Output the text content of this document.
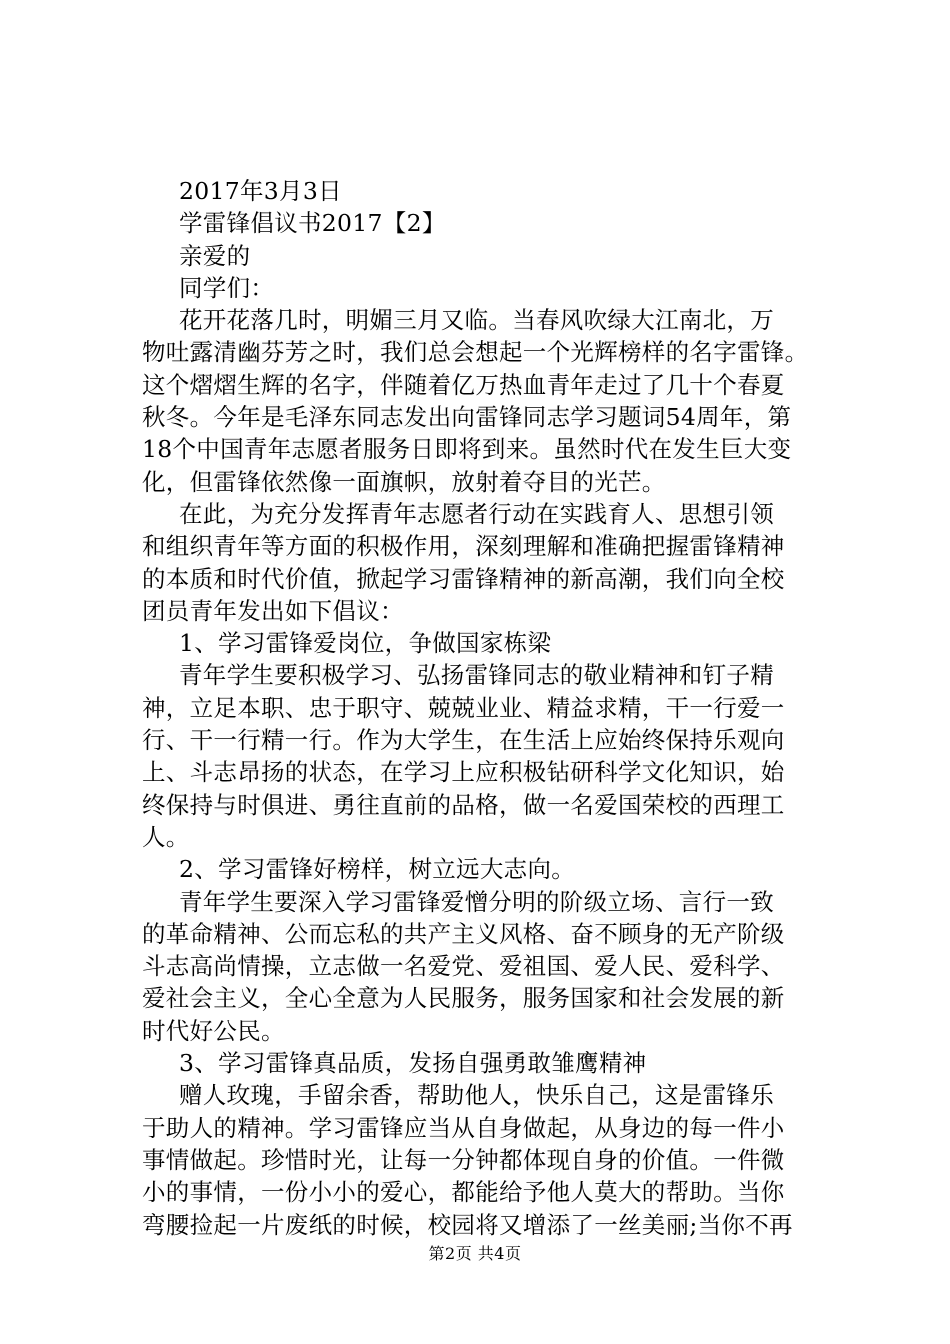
2017年3月3日
学雷锋倡议书2017【2】
亲爱的
同学们：
花开花落几时，明媚三月又临。当春风吹绿大江南北，万
物吐露清幽芬芳之时，我们总会想起一个光辉榜样的名字雷锋。
这个熠熠生辉的名字，伴随着亿万热血青年走过了几十个春夏
秋冬。今年是毛泽东同志发出向雷锋同志学习题词54周年，第
18个中国青年志愿者服务日即将到来。虽然时代在发生巨大变
化，但雷锋依然像一面旗帜，放射着夺目的光芒。
在此，为充分发挥青年志愿者行动在实践育人、思想引领
和组织青年等方面的积极作用，深刻理解和准确把握雷锋精神
的本质和时代价值，掀起学习雷锋精神的新高潮，我们向全校
团员青年发出如下倡议：
1、学习雷锋爱岗位，争做国家栋梁
青年学生要积极学习、弘扬雷锋同志的敬业精神和钉子精
神，立足本职、忠于职守、兢兢业业、精益求精，干一行爱一
行、干一行精一行。作为大学生，在生活上应始终保持乐观向
上、斗志昂扬的状态，在学习上应积极钻研科学文化知识，始
终保持与时俱进、勇往直前的品格，做一名爱国荣校的西理工
人。
2、学习雷锋好榜样，树立远大志向。
青年学生要深入学习雷锋爱憎分明的阶级立场、言行一致
的革命精神、公而忘私的共产主义风格、奋不顾身的无产阶级
斗志高尚情操，立志做一名爱党、爱祖国、爱人民、爱科学、
爱社会主义，全心全意为人民服务，服务国家和社会发展的新
时代好公民。
3、学习雷锋真品质，发扬自强勇敢雏鹰精神
赠人玫瑰，手留余香，帮助他人，快乐自己，这是雷锋乐
于助人的精神。学习雷锋应当从自身做起，从身边的每一件小
事情做起。珍惜时光，让每一分钟都体现自身的价值。一件微
小的事情，一份小小的爱心，都能给予他人莫大的帮助。当你
弯腰捡起一片废纸的时候，校园将又增添了一丝美丽;当你不再
第2页 共4页
